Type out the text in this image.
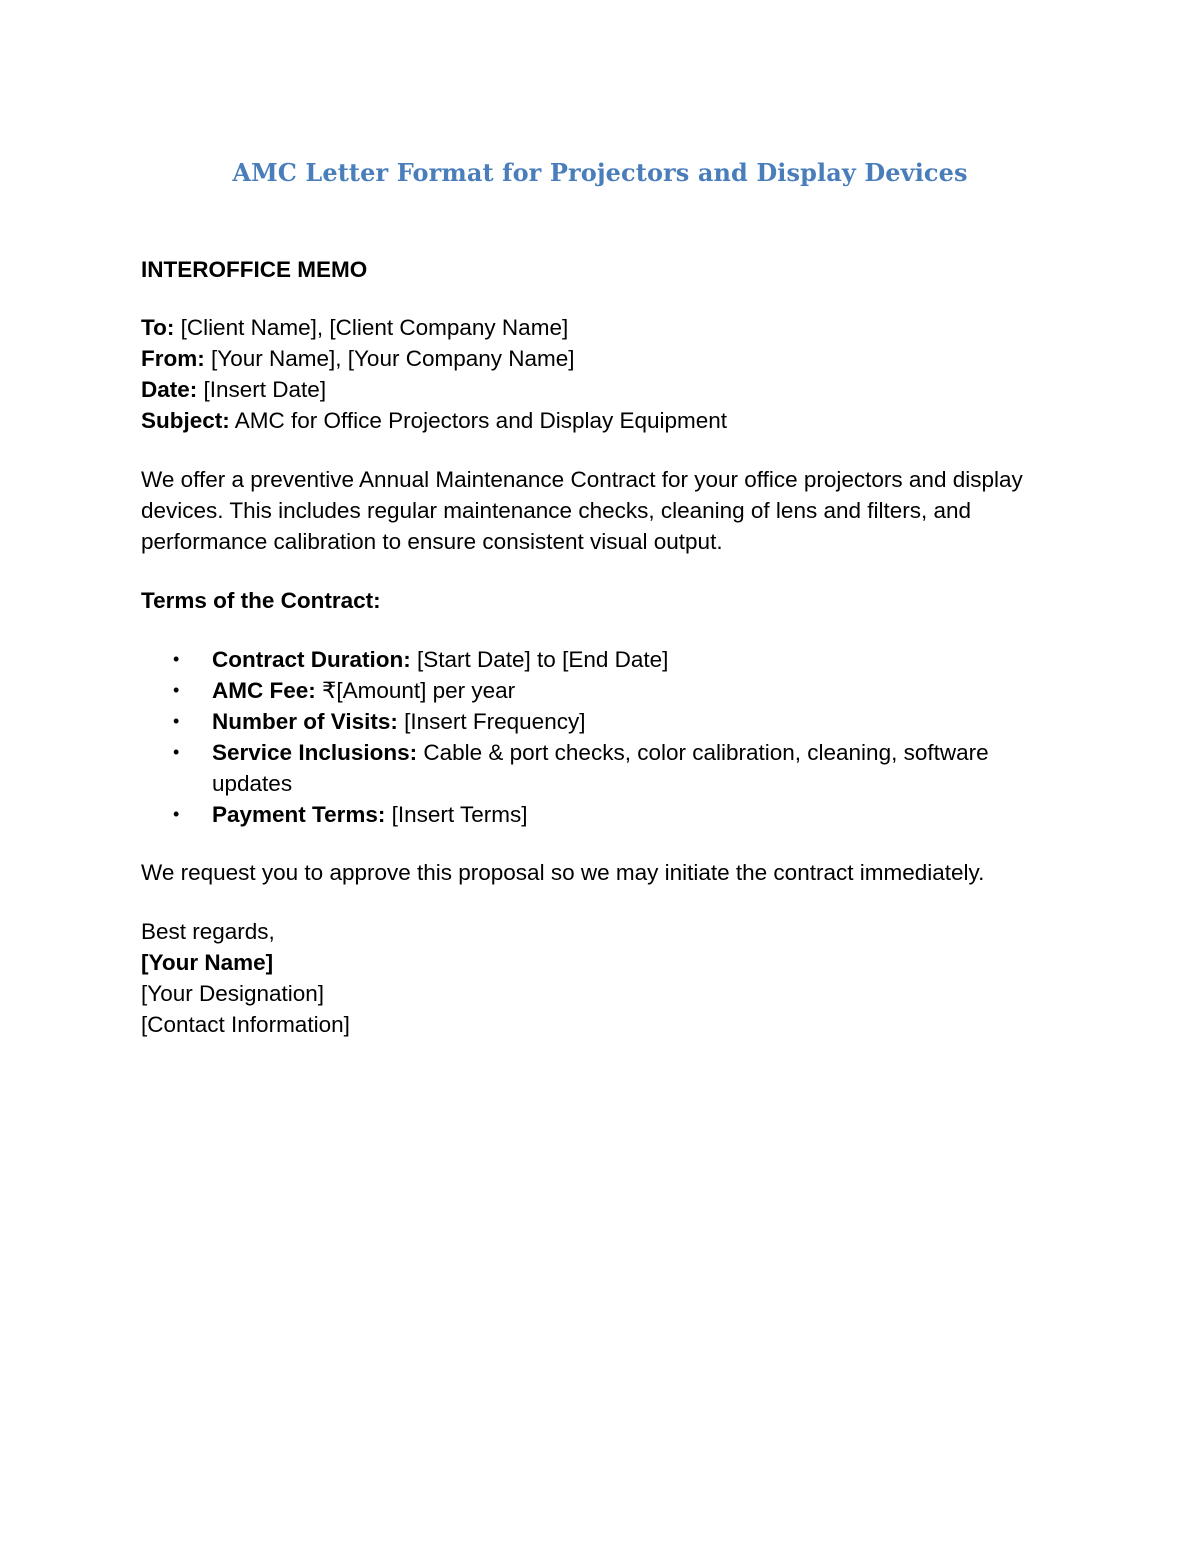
AMC Letter Format for Projectors and Display Devices
INTEROFFICE MEMO
To: [Client Name], [Client Company Name]
From: [Your Name], [Your Company Name]
Date: [Insert Date]
Subject: AMC for Office Projectors and Display Equipment
We offer a preventive Annual Maintenance Contract for your office projectors and display devices. This includes regular maintenance checks, cleaning of lens and filters, and performance calibration to ensure consistent visual output.
Terms of the Contract:
• Contract Duration: [Start Date] to [End Date]
• AMC Fee: ₹[Amount] per year
• Number of Visits: [Insert Frequency]
• Service Inclusions: Cable & port checks, color calibration, cleaning, software updates
• Payment Terms: [Insert Terms]
We request you to approve this proposal so we may initiate the contract immediately.
Best regards,
[Your Name]
[Your Designation]
[Contact Information]
